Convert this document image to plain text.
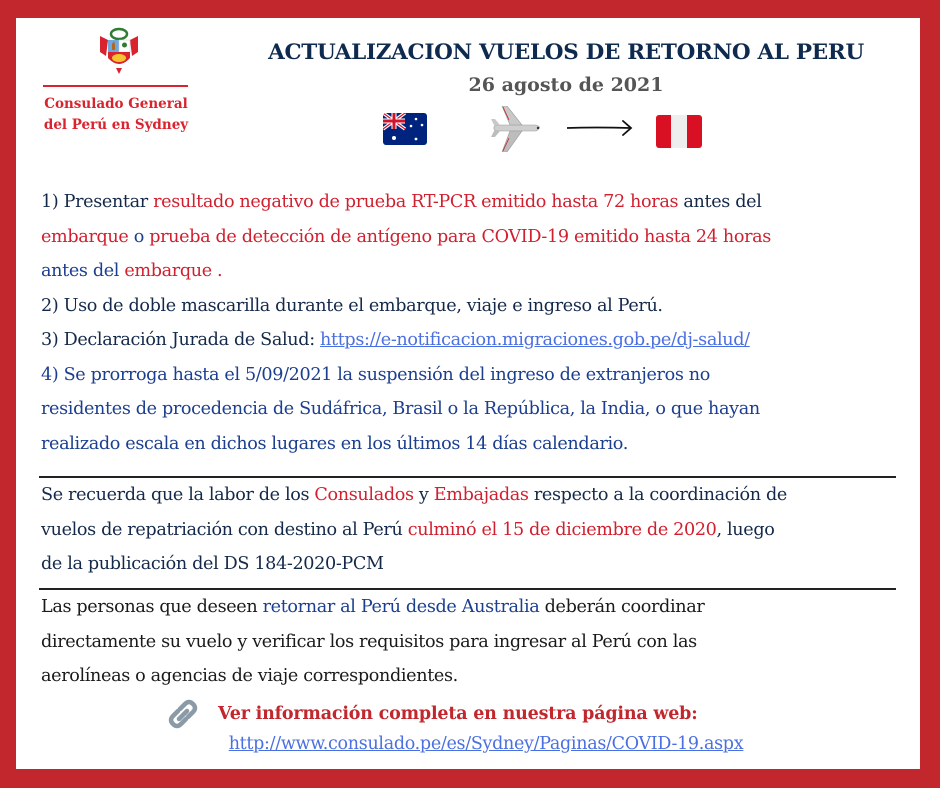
Consulado General
del Perú en Sydney
ACTUALIZACION VUELOS DE RETORNO AL PERU
26 agosto de 2021
1) Presentar resultado negativo de prueba RT-PCR emitido hasta 72 horas antes del
embarque o prueba de detección de antígeno para COVID-19 emitido hasta 24 horas
antes del embarque .
2) Uso de doble mascarilla durante el embarque, viaje e ingreso al Perú.
3) Declaración Jurada de Salud: https://e-notificacion.migraciones.gob.pe/dj-salud/
4) Se prorroga hasta el 5/09/2021 la suspensión del ingreso de extranjeros no
residentes de procedencia de Sudáfrica, Brasil o la República, la India, o que hayan
realizado escala en dichos lugares en los últimos 14 días calendario.
Se recuerda que la labor de los Consulados y Embajadas respecto a la coordinación de
vuelos de repatriación con destino al Perú culminó el 15 de diciembre de 2020, luego
de la publicación del DS 184-2020-PCM
Las personas que deseen retornar al Perú desde Australia deberán coordinar
directamente su vuelo y verificar los requisitos para ingresar al Perú con las
aerolíneas o agencias de viaje correspondientes.
Ver información completa en nuestra página web:
http://www.consulado.pe/es/Sydney/Paginas/COVID-19.aspx
